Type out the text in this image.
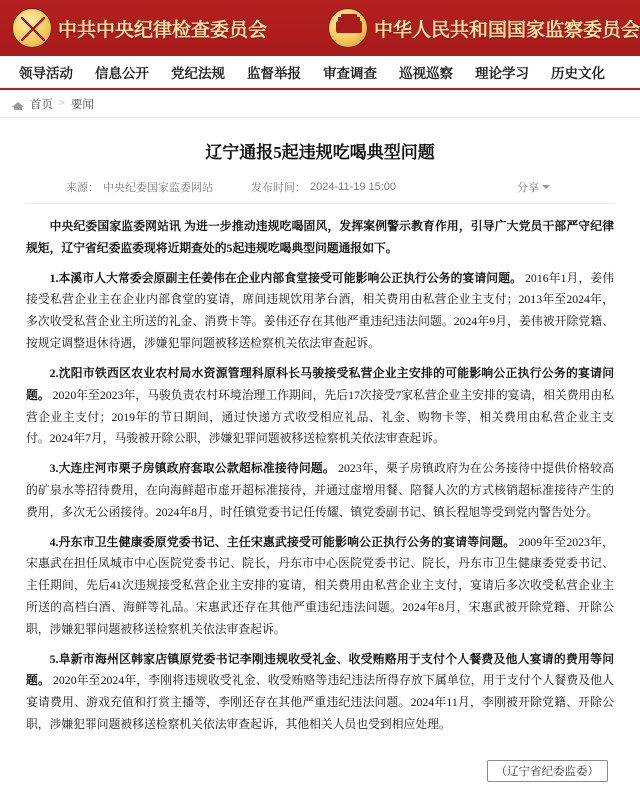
中共中央纪律检查委员会	中华人民共和国国家监察委员会
领导活动	信息公开	党纪法规	监督举报	审查调查	巡视巡察	理论学习	历史文化
首页 > 要闻
辽宁通报5起违规吃喝典型问题
来源： 中央纪委国家监委网站	发布时间： 2024-11-19 15:00	分享

中央纪委国家监委网站讯 为进一步推动违规吃喝固风，发挥案例警示教育作用，引导广大党员干部严守纪律规矩，辽宁省纪委监委现将近期查处的5起违规吃喝典型问题通报如下。

1.本溪市人大常委会原副主任姜伟在企业内部食堂接受可能影响公正执行公务的宴请问题。 2016年1月，姜伟接受私营企业主在企业内部食堂的宴请，席间违规饮用茅台酒，相关费用由私营企业主支付；2013年至2024年，多次收受私营企业主所送的礼金、消费卡等。姜伟还存在其他严重违纪违法问题。2024年9月，姜伟被开除党籍、按规定调整退休待遇，涉嫌犯罪问题被移送检察机关依法审查起诉。

2.沈阳市铁西区农业农村局水资源管理科原科长马骏接受私营企业主安排的可能影响公正执行公务的宴请问题。 2020年至2023年，马骏负责农村环境治理工作期间，先后17次接受7家私营企业主安排的宴请，相关费用由私营企业主支付；2019年的节日期间，通过快递方式收受相应礼品、礼金、购物卡等，相关费用由私营企业主支付。2024年7月，马骏被开除公职，涉嫌犯罪问题被移送检察机关依法审查起诉。

3.大连庄河市栗子房镇政府套取公款超标准接待问题。 2023年，栗子房镇政府为在公务接待中提供价格较高的矿泉水等招待费用，在向海鲜超市虚开超标准接待，并通过虚增用餐、陪餐人次的方式核销超标准接待产生的费用，多次无公函接待。2024年8月，时任镇党委书记任传耀、镇党委副书记、镇长程旭等受到党内警告处分。

4.丹东市卫生健康委原党委书记、主任宋惠武接受可能影响公正执行公务的宴请等问题。 2009年至2023年，宋惠武在担任凤城市中心医院党委书记、院长，丹东市中心医院党委书记、院长，丹东市卫生健康委党委书记、主任期间，先后41次违规接受私营企业主安排的宴请，相关费用由私营企业主支付，宴请后多次收受私营企业主所送的高档白酒、海鲜等礼品。宋惠武还存在其他严重违纪违法问题。2024年8月，宋惠武被开除党籍、开除公职，涉嫌犯罪问题被移送检察机关依法审查起诉。

5.阜新市海州区韩家店镇原党委书记李刚违规收受礼金、收受贿赂用于支付个人餐费及他人宴请的费用等问题。 2020年至2024年，李刚将违规收受礼金、收受贿赂等违纪违法所得存放下属单位，用于支付个人餐费及他人宴请费用、游戏充值和打赏主播等，李刚还存在其他严重违纪违法问题。2024年11月，李刚被开除党籍、开除公职，涉嫌犯罪问题被移送检察机关依法审查起诉，其他相关人员也受到相应处理。

（辽宁省纪委监委）
